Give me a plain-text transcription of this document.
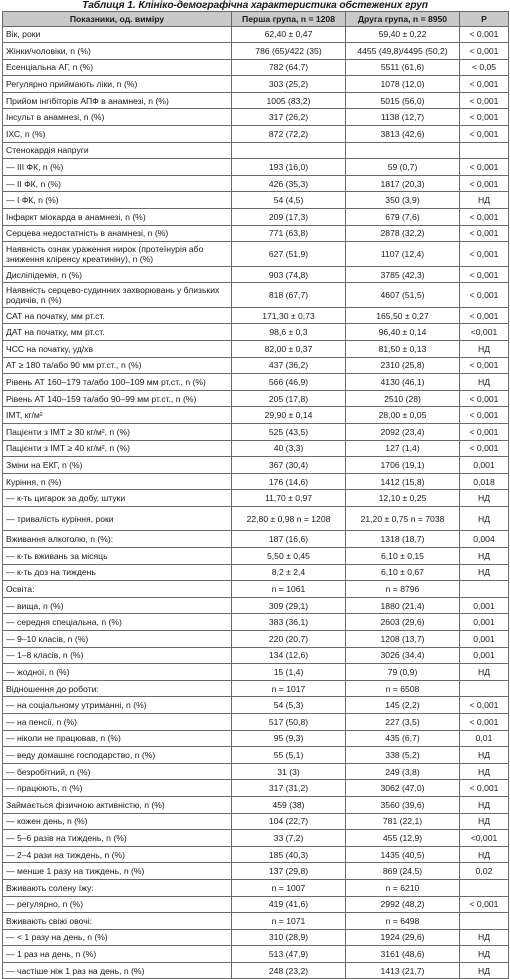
Таблиця 1. Клініко-демографічна характеристика обстежених груп
Показники, од. виміру	Перша група, n = 1208	Друга група, n = 8950	Р
Вік, роки	62,40 ± 0,47	59,40 ± 0,22	< 0,001
Жінки/чоловіки, n (%)	786 (65)/422 (35)	4455 (49,8)/4495 (50,2)	< 0,001
Есенціальна АГ, n (%)	782 (64,7)	5511 (61,6)	< 0,05
Регулярно приймають ліки, n (%)	303 (25,2)	1078 (12,0)	< 0,001
Прийом інгібіторів АПФ в анамнезі, n (%)	1005 (83,2)	5015 (56,0)	< 0,001
Інсульт в анамнезі, n (%)	317 (26,2)	1138 (12,7)	< 0,001
ІХС, n (%)	872 (72,2)	3813 (42,6)	< 0,001
Стенокардія напруги			
— III ФК, n (%)	193 (16,0)	59 (0,7)	< 0,001
— II ФК, n (%)	426 (35,3)	1817 (20,3)	< 0,001
— I ФК, n (%)	54 (4,5)	350 (3,9)	НД
Інфаркт міокарда в анамнезі, n (%)	209 (17,3)	679 (7,6)	< 0,001
Серцева недостатність в анамнезі, n (%)	771 (63,8)	2878 (32,2)	< 0,001
Наявність ознак ураження нирок (протеїнурія або зниження кліренсу креатиніну), n (%)	627 (51,9)	1107 (12,4)	< 0,001
Дисліпідемія, n (%)	903 (74,8)	3785 (42,3)	< 0,001
Наявність серцево-судинних захворювань у близьких родичів, n (%)	818 (67,7)	4607 (51,5)	< 0,001
САТ на початку, мм рт.ст.	171,30 ± 0,73	165,50 ± 0,27	< 0,001
ДАТ на початку, мм рт.ст.	98,6 ± 0,3	96,40 ± 0,14	<0,001
ЧСС на початку, уд/хв	82,00 ± 0,37	81,50 ± 0,13	НД
АТ ≥ 180 та/або 90 мм рт.ст., n (%)	437 (36,2)	2310 (25,8)	< 0,001
Рівень АТ 160–179 та/або 100–109 мм рт.ст., n (%)	566 (46,9)	4130 (46,1)	НД
Рівень АТ 140–159 та/або 90–99 мм рт.ст., n (%)	205 (17,8)	2510 (28)	< 0,001
ІМТ, кг/м²	29,90 ± 0,14	28,00 ± 0,05	< 0,001
Пацієнти з ІМТ ≥ 30 кг/м², n (%)	525 (43,5)	2092 (23,4)	< 0,001
Пацієнти з ІМТ ≥ 40 кг/м², n (%)	40 (3,3)	127 (1,4)	< 0,001
Зміни на ЕКГ, n (%)	367 (30,4)	1706 (19,1)	0,001
Куріння, n (%)	176 (14,6)	1412 (15,8)	0,018
— к-ть цигарок за добу, штуки	11,70 ± 0,97	12,10 ± 0,25	НД
— тривалість куріння, роки	22,80 ± 0,98 n = 1208	21,20 ± 0,75 n = 7038	НД
Вживання алкоголю, n (%):	187 (16,6)	1318 (18,7)	0,004
— к-ть вживань за місяць	5,50 ± 0,45	6,10 ± 0,15	НД
— к-ть доз на тиждень	8,2 ± 2,4	6,10 ± 0,67	НД
Освіта:	n = 1061	n = 8796	
— вища, n (%)	309 (29,1)	1880 (21,4)	0,001
— середня спеціальна, n (%)	383 (36,1)	2603 (29,6)	0,001
— 9–10 класів, n (%)	220 (20,7)	1208 (13,7)	0,001
— 1–8 класів, n (%)	134 (12,6)	3026 (34,4)	0,001
— жодної, n (%)	15 (1,4)	79 (0,9)	НД
Відношення до роботи:	n = 1017	n = 6508	
— на соціальному утриманні, n (%)	54 (5,3)	145 (2,2)	< 0,001
— на пенсії, n (%)	517 (50,8)	227 (3,5)	< 0,001
— ніколи не працював, n (%)	95 (9,3)	435 (6,7)	0,01
— веду домашнє господарство, n (%)	55 (5,1)	338 (5,2)	НД
— безробітний, n (%)	31 (3)	249 (3,8)	НД
— працюють, n (%)	317 (31,2)	3062 (47,0)	< 0,001
Займається фізичною активністю, n (%)	459 (38)	3560 (39,6)	НД
— кожен день, n (%)	104 (22,7)	781 (22,1)	НД
— 5–6 разів на тиждень, n (%)	33 (7,2)	455 (12,9)	<0,001
— 2–4 рази на тиждень, n (%)	185 (40,3)	1435 (40,5)	НД
— менше 1 разу на тиждень, n (%)	137 (29,8)	869 (24,5)	0,02
Вживають солену їжу:	n = 1007	n = 6210	
— регулярно, n (%)	419 (41,6)	2992 (48,2)	< 0,001
Вживають свіжі овочі:	n = 1071	n = 6498	
— < 1 разу на день, n (%)	310 (28,9)	1924 (29,6)	НД
— 1 раз на день, n (%)	513 (47,9)	3161 (48,6)	НД
— частіше ніж 1 раз на день, n (%)	248 (23,2)	1413 (21,7)	НД
